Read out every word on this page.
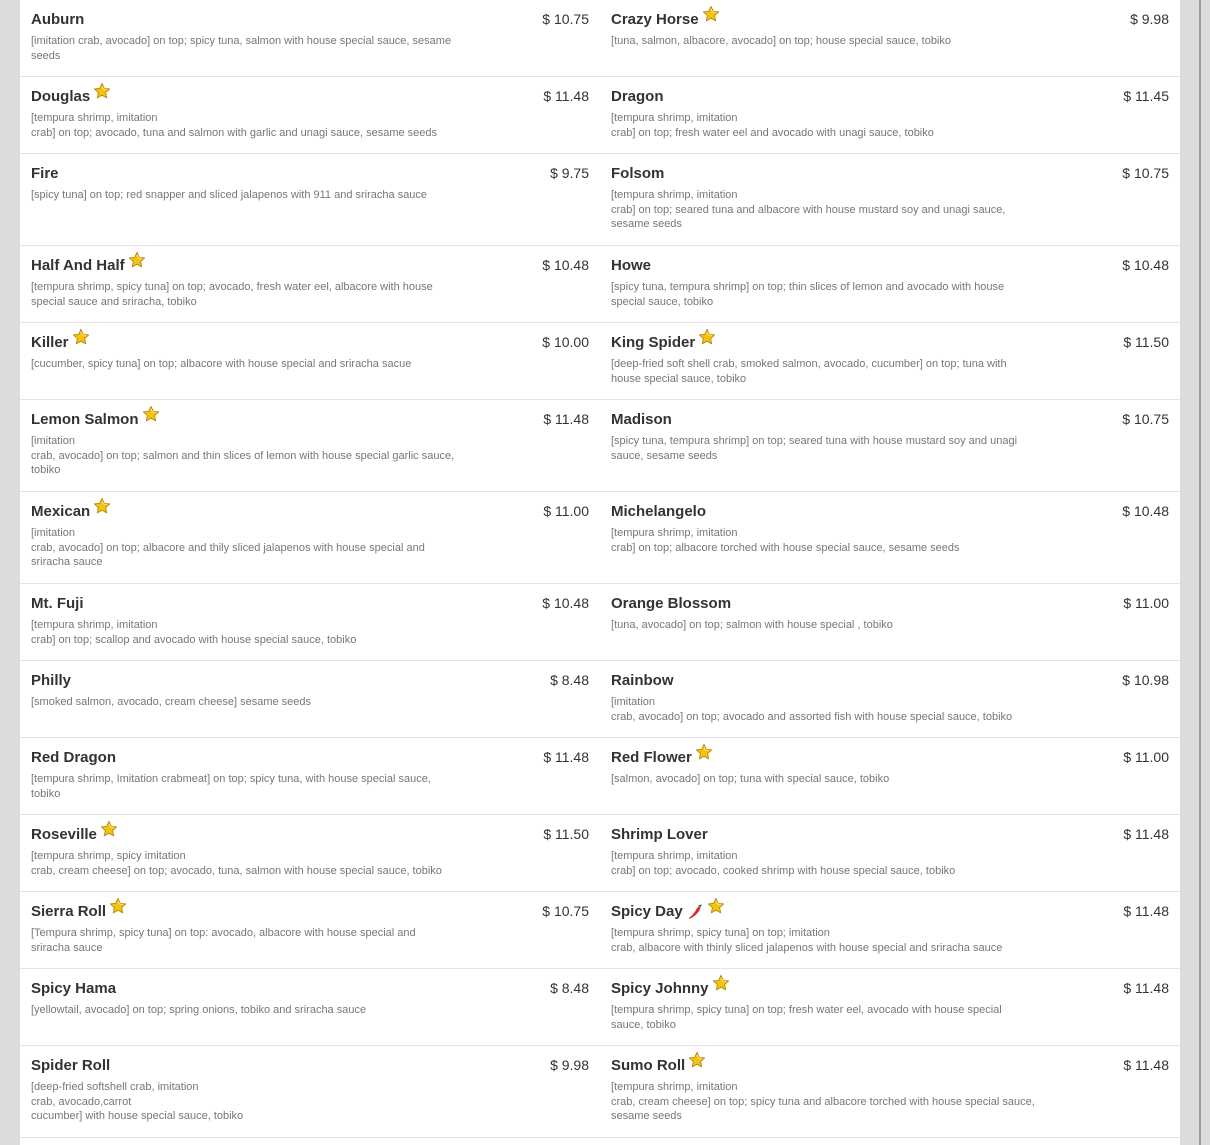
Auburn	$ 10.75
[imitation crab, avocado] on top; spicy tuna, salmon with house special sauce, sesame seeds
Crazy Horse	$ 9.98
[tuna, salmon, albacore, avocado] on top; house special sauce, tobiko
Douglas	$ 11.48
[tempura shrimp, imitation
crab] on top; avocado, tuna and salmon with garlic and unagi sauce, sesame seeds
Dragon	$ 11.45
[tempura shrimp, imitation
crab] on top; fresh water eel and avocado with unagi sauce, tobiko
Fire	$ 9.75
[spicy tuna] on top; red snapper and sliced jalapenos with 911 and sriracha sauce
Folsom	$ 10.75
[tempura shrimp, imitation
crab] on top; seared tuna and albacore with house mustard soy and unagi sauce, sesame seeds
Half And Half	$ 10.48
[tempura shrimp, spicy tuna] on top; avocado, fresh water eel, albacore with house special sauce and sriracha, tobiko
Howe	$ 10.48
[spicy tuna, tempura shrimp] on top; thin slices of lemon and avocado with house special sauce, tobiko
Killer	$ 10.00
[cucumber, spicy tuna] on top; albacore with house special and sriracha sacue
King Spider	$ 11.50
[deep-fried soft shell crab, smoked salmon, avocado, cucumber] on top; tuna with house special sauce, tobiko
Lemon Salmon	$ 11.48
[imitation
crab, avocado] on top; salmon and thin slices of lemon with house special garlic sauce, tobiko
Madison	$ 10.75
[spicy tuna, tempura shrimp] on top; seared tuna with house mustard soy and unagi sauce, sesame seeds
Mexican	$ 11.00
[imitation
crab, avocado] on top; albacore and thily sliced jalapenos with house special and sriracha sauce
Michelangelo	$ 10.48
[tempura shrimp, imitation
crab] on top; albacore torched with house special sauce, sesame seeds
Mt. Fuji	$ 10.48
[tempura shrimp, imitation
crab] on top; scallop and avocado with house special sauce, tobiko
Orange Blossom	$ 11.00
[tuna, avocado] on top; salmon with house special , tobiko
Philly	$ 8.48
[smoked salmon, avocado, cream cheese] sesame seeds
Rainbow	$ 10.98
[imitation
crab, avocado] on top; avocado and assorted fish with house special sauce, tobiko
Red Dragon	$ 11.48
[tempura shrimp, Imitation crabmeat] on top; spicy tuna, with house special sauce, tobiko
Red Flower	$ 11.00
[salmon, avocado] on top; tuna with special sauce, tobiko
Roseville	$ 11.50
[tempura shrimp, spicy imitation
crab, cream cheese] on top; avocado, tuna, salmon with house special sauce, tobiko
Shrimp Lover	$ 11.48
[tempura shrimp, imitation
crab] on top; avocado, cooked shrimp with house special sauce, tobiko
Sierra Roll	$ 10.75
[Tempura shrimp, spicy tuna] on top: avocado, albacore with house special and sriracha sauce
Spicy Day	$ 11.48
[tempura shrimp, spicy tuna] on top; imitation
crab, albacore with thinly sliced jalapenos with house special and sriracha sauce
Spicy Hama	$ 8.48
[yellowtail, avocado] on top; spring onions, tobiko and sriracha sauce
Spicy Johnny	$ 11.48
[tempura shrimp, spicy tuna] on top; fresh water eel, avocado with house special sauce, tobiko
Spider Roll	$ 9.98
[deep-fried softshell crab, imitation
crab, avocado,carrot
cucumber] with house special sauce, tobiko
Sumo Roll	$ 11.48
[tempura shrimp, imitation
crab, cream cheese] on top; spicy tuna and albacore torched with house special sauce, sesame seeds
